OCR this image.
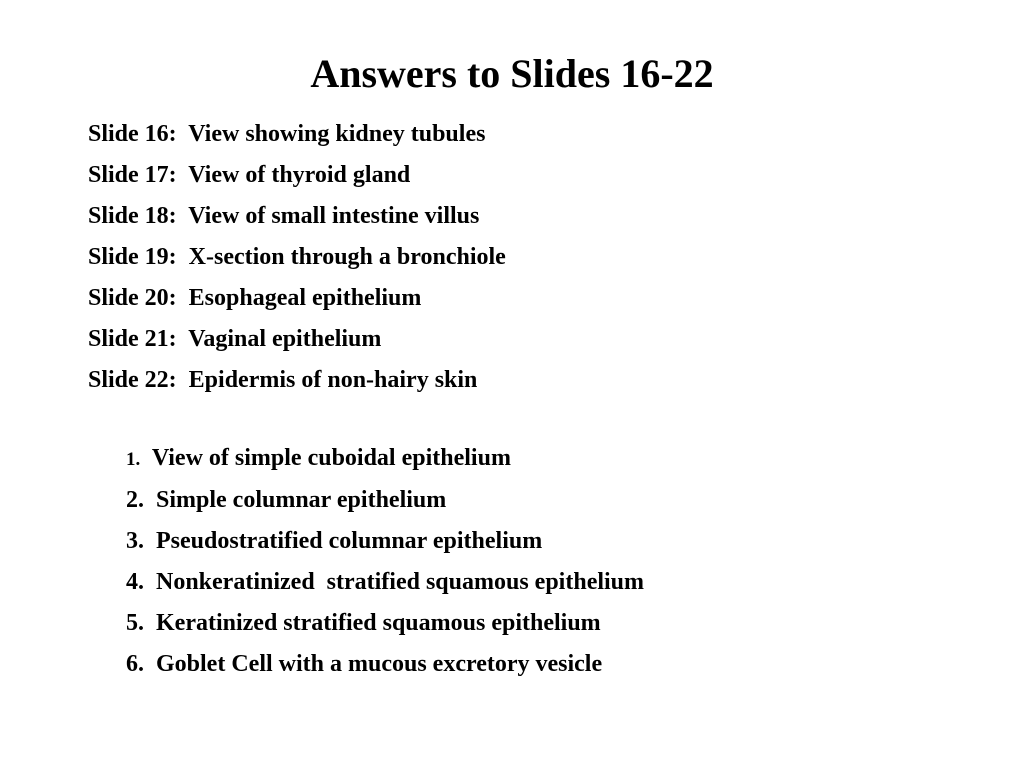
Answers to Slides 16-22
Slide 16:  View showing kidney tubules
Slide 17:  View of thyroid gland
Slide 18:  View of small intestine villus
Slide 19:  X-section through a bronchiole
Slide 20:  Esophageal epithelium
Slide 21:  Vaginal epithelium
Slide 22:  Epidermis of non-hairy skin
1.  View of simple cuboidal epithelium
2.  Simple columnar epithelium
3.  Pseudostratified columnar epithelium
4.  Nonkeratinized  stratified squamous epithelium
5.  Keratinized stratified squamous epithelium
6.  Goblet Cell with a mucous excretory vesicle
